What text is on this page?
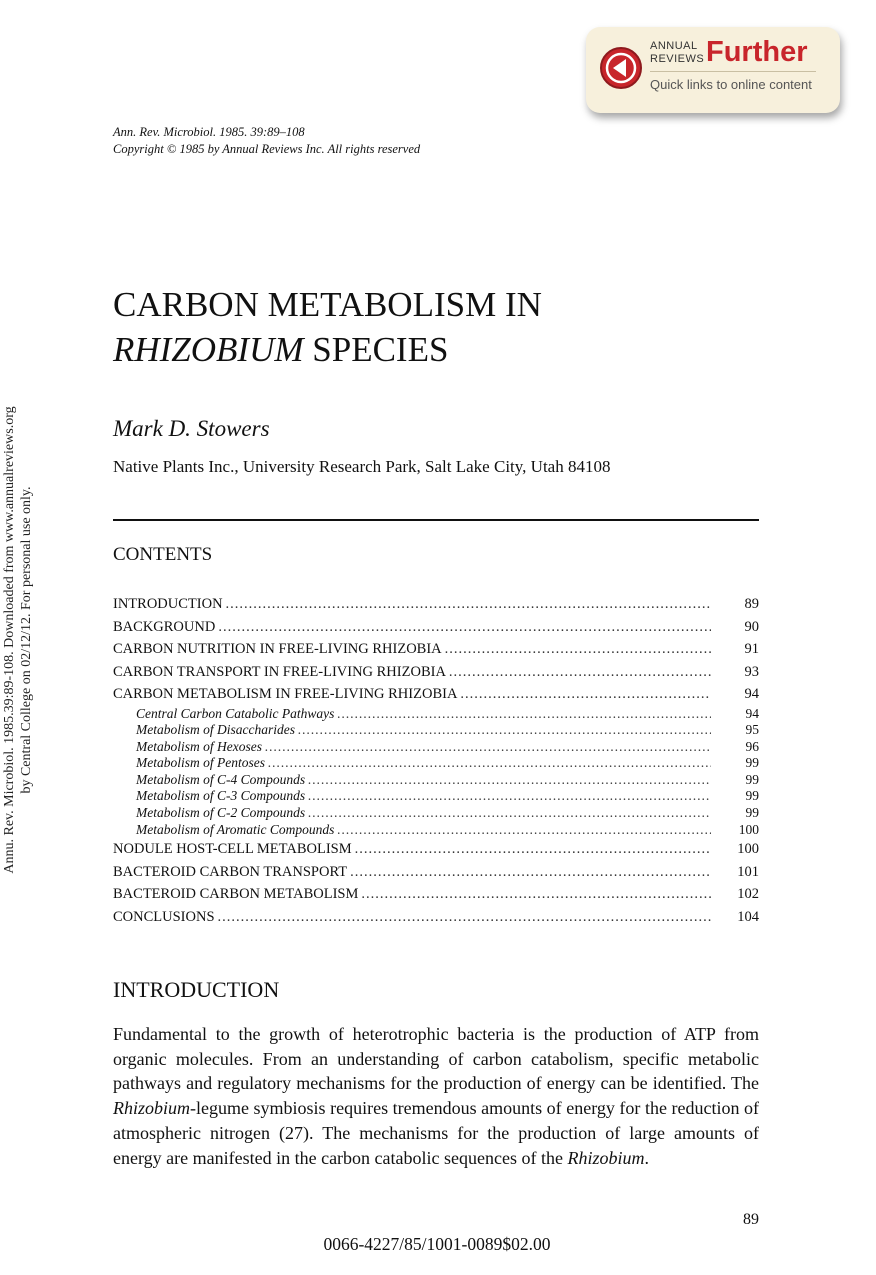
ANNUAL
REVIEWS Further
Quick links to online content
Ann. Rev. Microbiol. 1985. 39:89–108
Copyright © 1985 by Annual Reviews Inc. All rights reserved
CARBON METABOLISM IN
RHIZOBIUM SPECIES
Mark D. Stowers
Native Plants Inc., University Research Park, Salt Lake City, Utah 84108
CONTENTS
INTRODUCTION .....	89
BACKGROUND .....	90
CARBON NUTRITION IN FREE-LIVING RHIZOBIA .....	91
CARBON TRANSPORT IN FREE-LIVING RHIZOBIA .....	93
CARBON METABOLISM IN FREE-LIVING RHIZOBIA .....	94
Central Carbon Catabolic Pathways .....	94
Metabolism of Disaccharides .....	95
Metabolism of Hexoses .....	96
Metabolism of Pentoses .....	99
Metabolism of C-4 Compounds .....	99
Metabolism of C-3 Compounds .....	99
Metabolism of C-2 Compounds .....	99
Metabolism of Aromatic Compounds .....	100
NODULE HOST-CELL METABOLISM .....	100
BACTEROID CARBON TRANSPORT .....	101
BACTEROID CARBON METABOLISM .....	102
CONCLUSIONS .....	104
INTRODUCTION

Fundamental to the growth of heterotrophic bacteria is the production of ATP from organic molecules. From an understanding of carbon catabolism, specific metabolic pathways and regulatory mechanisms for the production of energy can be identified. The Rhizobium-legume symbiosis requires tremendous amounts of energy for the reduction of atmospheric nitrogen (27). The mechanisms for the production of large amounts of energy are manifested in the carbon catabolic sequences of the Rhizobium.

89
0066-4227/85/1001-0089$02.00
Annu. Rev. Microbiol. 1985.39:89-108. Downloaded from www.annualreviews.org by Central College on 02/12/12. For personal use only.
